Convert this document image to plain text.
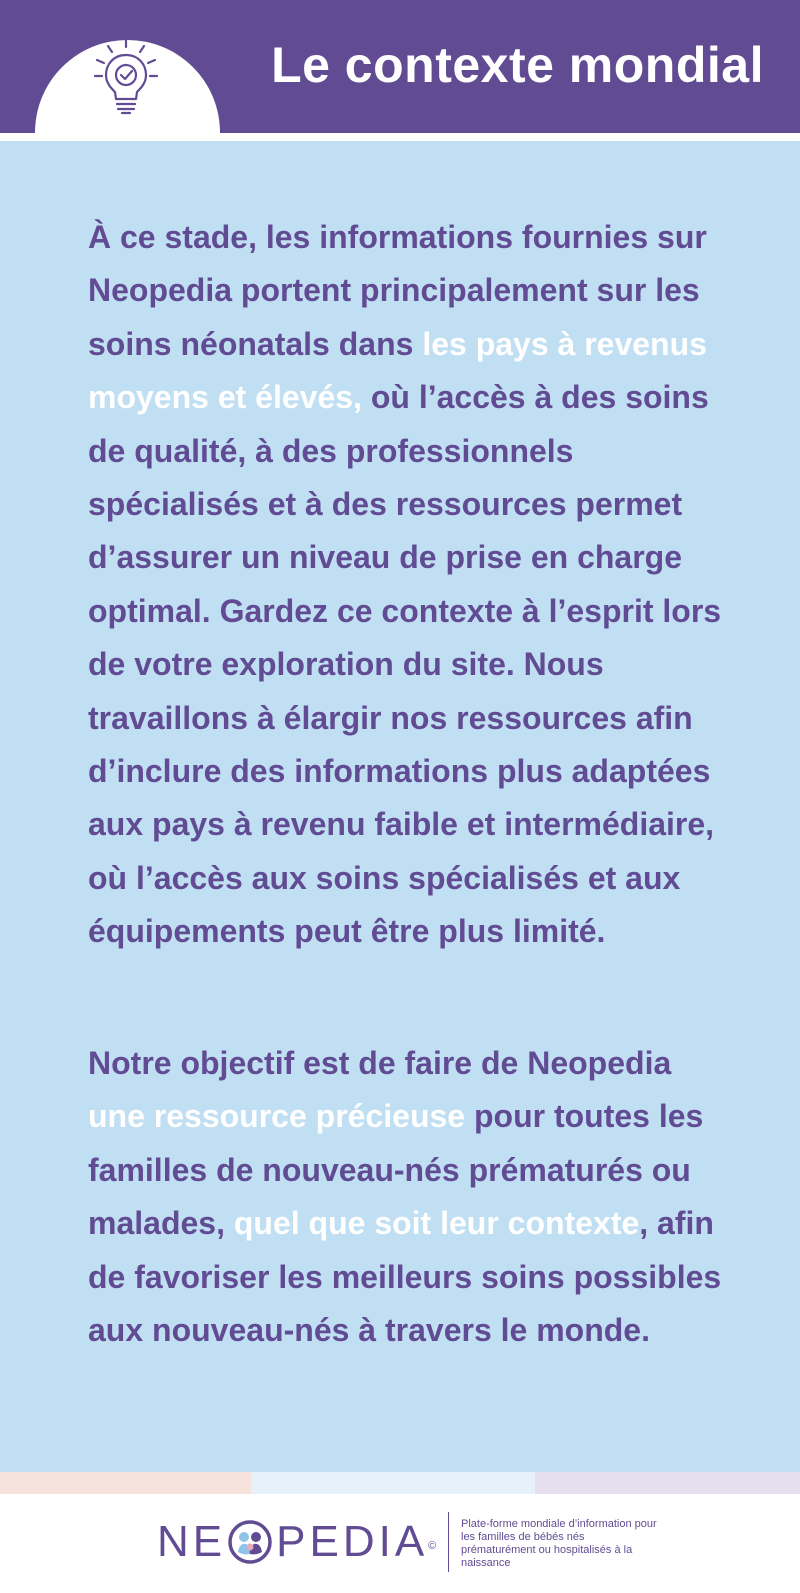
Le contexte mondial

À ce stade, les informations fournies sur Neopedia portent principalement sur les soins néonatals dans les pays à revenus moyens et élevés, où l’accès à des soins de qualité, à des professionnels spécialisés et à des ressources permet d’assurer un niveau de prise en charge optimal. Gardez ce contexte à l’esprit lors de votre exploration du site. Nous travaillons à élargir nos ressources afin d’inclure des informations plus adaptées aux pays à revenu faible et intermédiaire, où l’accès aux soins spécialisés et aux équipements peut être plus limité.

Notre objectif est de faire de Neopedia une ressource précieuse pour toutes les familles de nouveau-nés prématurés ou malades, quel que soit leur contexte, afin de favoriser les meilleurs soins possibles aux nouveau-nés à travers le monde.

NE PEDIA ©

Plate-forme mondiale d’information pour les familles de bébés nés prématurément ou hospitalisés à la naissance
